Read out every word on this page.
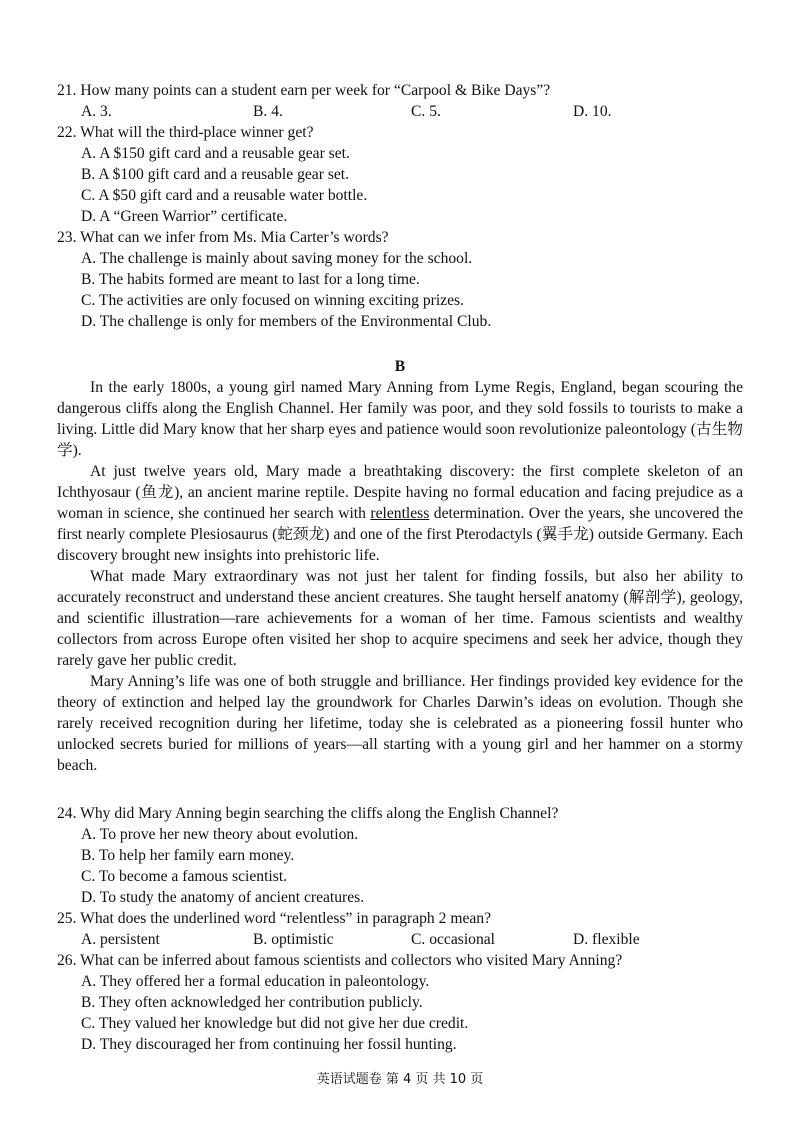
21. How many points can a student earn per week for “Carpool & Bike Days”?
A. 3.	B. 4.	C. 5.	D. 10.
22. What will the third-place winner get?
A. A $150 gift card and a reusable gear set.
B. A $100 gift card and a reusable gear set.
C. A $50 gift card and a reusable water bottle.
D. A “Green Warrior” certificate.
23. What can we infer from Ms. Mia Carter’s words?
A. The challenge is mainly about saving money for the school.
B. The habits formed are meant to last for a long time.
C. The activities are only focused on winning exciting prizes.
D. The challenge is only for members of the Environmental Club.
B

In the early 1800s, a young girl named Mary Anning from Lyme Regis, England, began scouring the dangerous cliffs along the English Channel. Her family was poor, and they sold fossils to tourists to make a living. Little did Mary know that her sharp eyes and patience would soon revolutionize paleontology (古生物学).

At just twelve years old, Mary made a breathtaking discovery: the first complete skeleton of an Ichthyosaur (鱼龙), an ancient marine reptile. Despite having no formal education and facing prejudice as a woman in science, she continued her search with relentless determination. Over the years, she uncovered the first nearly complete Plesiosaurus (蛇颈龙) and one of the first Pterodactyls (翼手龙) outside Germany. Each discovery brought new insights into prehistoric life.

What made Mary extraordinary was not just her talent for finding fossils, but also her ability to accurately reconstruct and understand these ancient creatures. She taught herself anatomy (解剖学), geology, and scientific illustration—rare achievements for a woman of her time. Famous scientists and wealthy collectors from across Europe often visited her shop to acquire specimens and seek her advice, though they rarely gave her public credit.

Mary Anning’s life was one of both struggle and brilliance. Her findings provided key evidence for the theory of extinction and helped lay the groundwork for Charles Darwin’s ideas on evolution. Though she rarely received recognition during her lifetime, today she is celebrated as a pioneering fossil hunter who unlocked secrets buried for millions of years—all starting with a young girl and her hammer on a stormy beach.

24. Why did Mary Anning begin searching the cliffs along the English Channel?
A. To prove her new theory about evolution.
B. To help her family earn money.
C. To become a famous scientist.
D. To study the anatomy of ancient creatures.
25. What does the underlined word “relentless” in paragraph 2 mean?
A. persistent	B. optimistic	C. occasional	D. flexible
26. What can be inferred about famous scientists and collectors who visited Mary Anning?
A. They offered her a formal education in paleontology.
B. They often acknowledged her contribution publicly.
C. They valued her knowledge but did not give her due credit.
D. They discouraged her from continuing her fossil hunting.
英语试题卷 第 4 页 共 10 页
